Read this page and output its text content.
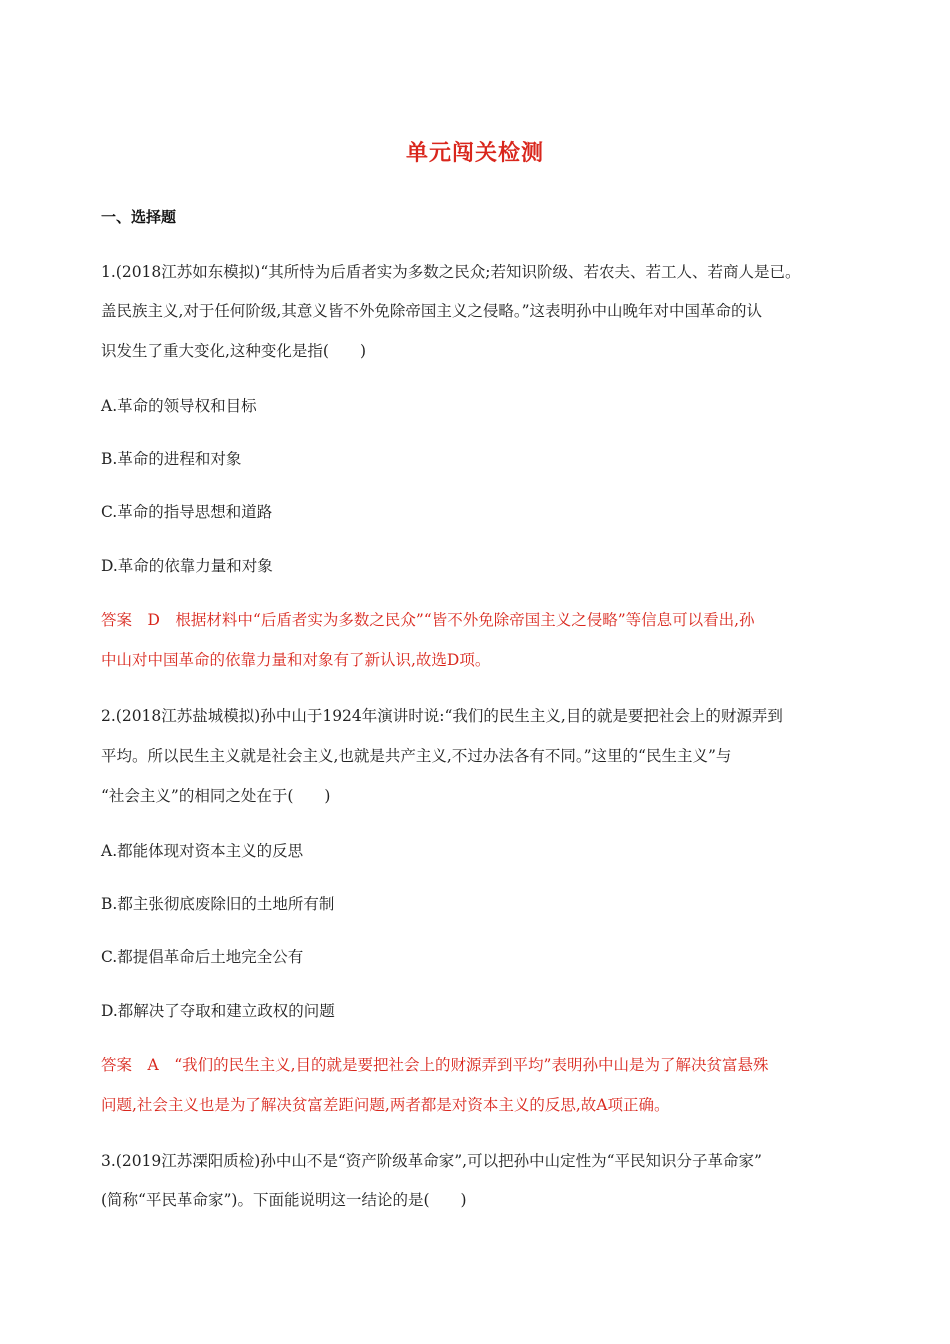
单元闯关检测
一、选择题
1.(2018江苏如东模拟)“其所恃为后盾者实为多数之民众;若知识阶级、若农夫、若工人、若商人是已。
盖民族主义,对于任何阶级,其意义皆不外免除帝国主义之侵略。”这表明孙中山晚年对中国革命的认
识发生了重大变化,这种变化是指(　　)
A.革命的领导权和目标
B.革命的进程和对象
C.革命的指导思想和道路
D.革命的依靠力量和对象
答案　D　根据材料中“后盾者实为多数之民众”“皆不外免除帝国主义之侵略”等信息可以看出,孙
中山对中国革命的依靠力量和对象有了新认识,故选D项。
2.(2018江苏盐城模拟)孙中山于1924年演讲时说:“我们的民生主义,目的就是要把社会上的财源弄到
平均。所以民生主义就是社会主义,也就是共产主义,不过办法各有不同。”这里的“民生主义”与
“社会主义”的相同之处在于(　　)
A.都能体现对资本主义的反思
B.都主张彻底废除旧的土地所有制
C.都提倡革命后土地完全公有
D.都解决了夺取和建立政权的问题
答案　A　“我们的民生主义,目的就是要把社会上的财源弄到平均”表明孙中山是为了解决贫富悬殊
问题,社会主义也是为了解决贫富差距问题,两者都是对资本主义的反思,故A项正确。
3.(2019江苏溧阳质检)孙中山不是“资产阶级革命家”,可以把孙中山定性为“平民知识分子革命家”
(简称“平民革命家”)。下面能说明这一结论的是(　　)
